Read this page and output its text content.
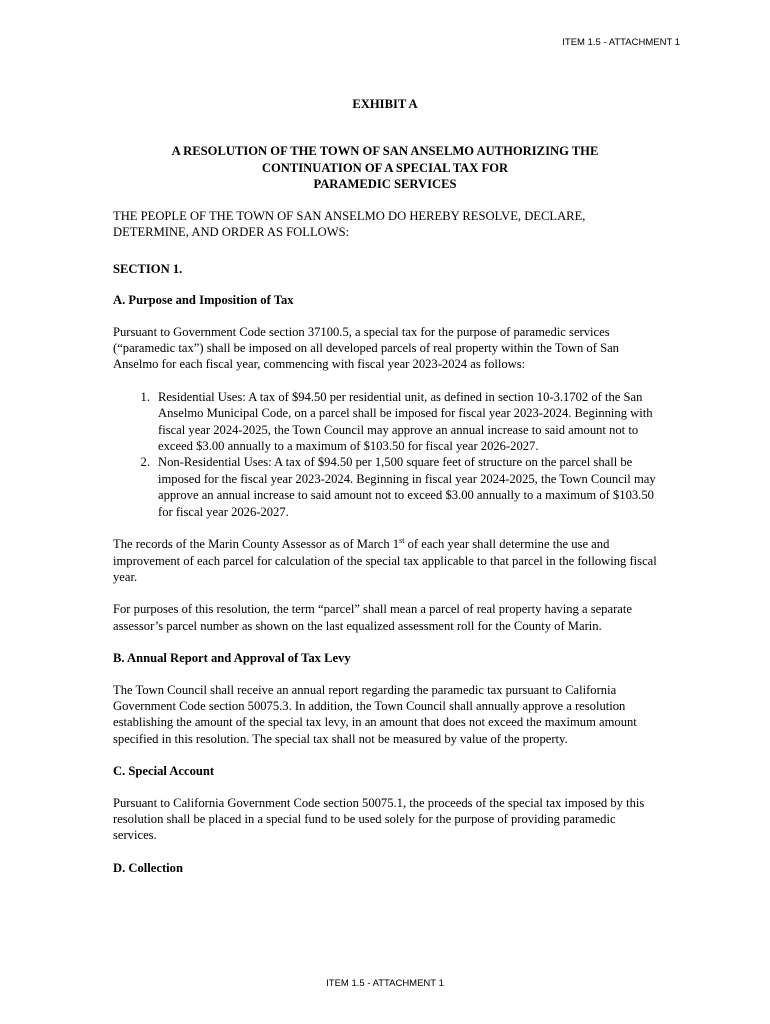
ITEM 1.5 - ATTACHMENT 1
EXHIBIT A
A RESOLUTION OF THE TOWN OF SAN ANSELMO AUTHORIZING THE
CONTINUATION OF A SPECIAL TAX FOR
PARAMEDIC SERVICES

THE PEOPLE OF THE TOWN OF SAN ANSELMO DO HEREBY RESOLVE, DECLARE, DETERMINE, AND ORDER AS FOLLOWS:

SECTION 1.

A. Purpose and Imposition of Tax

Pursuant to Government Code section 37100.5, a special tax for the purpose of paramedic services (“paramedic tax”) shall be imposed on all developed parcels of real property within the Town of San Anselmo for each fiscal year, commencing with fiscal year 2023-2024 as follows:

1. Residential Uses: A tax of $94.50 per residential unit, as defined in section 10-3.1702 of the San Anselmo Municipal Code, on a parcel shall be imposed for fiscal year 2023-2024. Beginning with fiscal year 2024-2025, the Town Council may approve an annual increase to said amount not to exceed $3.00 annually to a maximum of $103.50 for fiscal year 2026-2027.
2. Non-Residential Uses: A tax of $94.50 per 1,500 square feet of structure on the parcel shall be imposed for the fiscal year 2023-2024. Beginning in fiscal year 2024-2025, the Town Council may approve an annual increase to said amount not to exceed $3.00 annually to a maximum of $103.50 for fiscal year 2026-2027.

The records of the Marin County Assessor as of March 1st of each year shall determine the use and improvement of each parcel for calculation of the special tax applicable to that parcel in the following fiscal year.

For purposes of this resolution, the term “parcel” shall mean a parcel of real property having a separate assessor’s parcel number as shown on the last equalized assessment roll for the County of Marin.

B. Annual Report and Approval of Tax Levy

The Town Council shall receive an annual report regarding the paramedic tax pursuant to California Government Code section 50075.3. In addition, the Town Council shall annually approve a resolution establishing the amount of the special tax levy, in an amount that does not exceed the maximum amount specified in this resolution. The special tax shall not be measured by value of the property.

C. Special Account

Pursuant to California Government Code section 50075.1, the proceeds of the special tax imposed by this resolution shall be placed in a special fund to be used solely for the purpose of providing paramedic services.

D. Collection

ITEM 1.5 - ATTACHMENT 1
